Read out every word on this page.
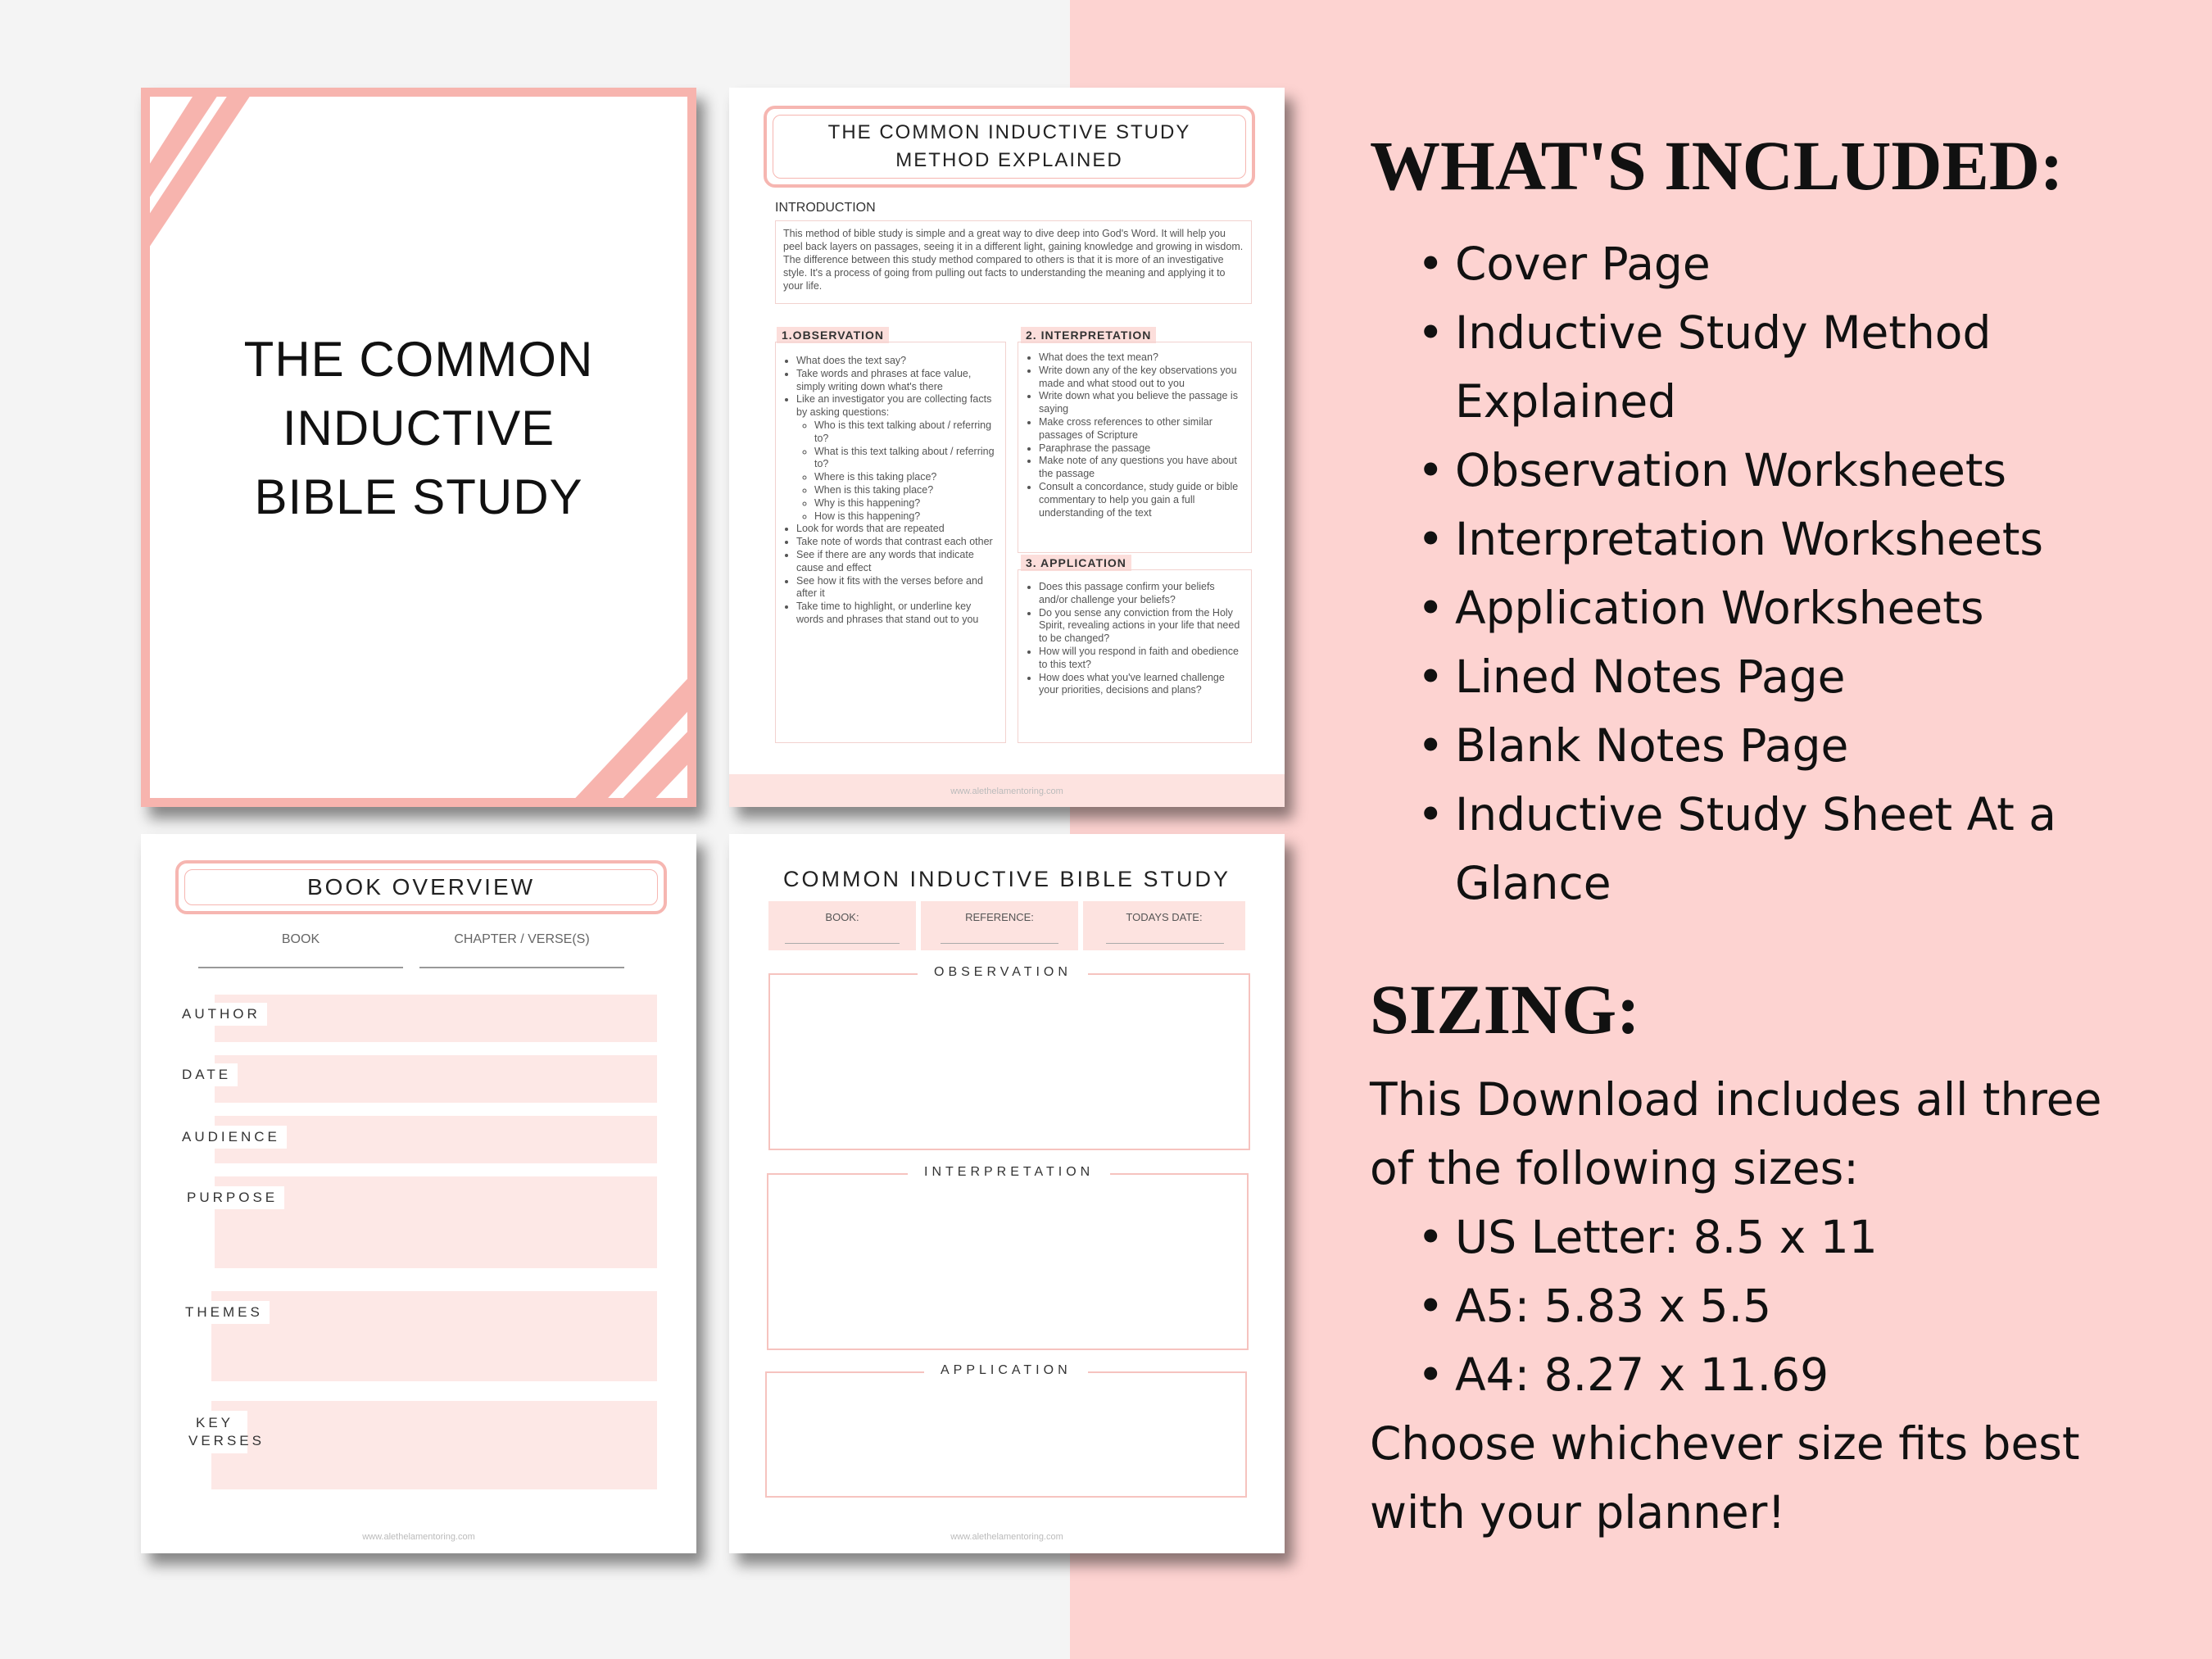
THE COMMON
INDUCTIVE
BIBLE STUDY
THE COMMON INDUCTIVE STUDY
METHOD EXPLAINED
INTRODUCTION
This method of bible study is simple and a great way to dive deep into God's Word. It will help you peel back layers on passages, seeing it in a different light, gaining knowledge and growing in wisdom. The difference between this study method compared to others is that it is more of an investigative style. It's a process of going from pulling out facts to understanding the meaning and applying it to your life.
1.OBSERVATION
• What does the text say?
• Take words and phrases at face value, simply writing down what's there
• Like an investigator you are collecting facts by asking questions:
◦ Who is this text talking about / referring to?
◦ What is this text talking about / referring to?
◦ Where is this taking place?
◦ When is this taking place?
◦ Why is this happening?
◦ How is this happening?
• Look for words that are repeated
• Take note of words that contrast each other
• See if there are any words that indicate cause and effect
• See how it fits with the verses before and after it
• Take time to highlight, or underline key words and phrases that stand out to you
2. INTERPRETATION
• What does the text mean?
• Write down any of the key observations you made and what stood out to you
• Write down what you believe the passage is saying
• Make cross references to other similar passages of Scripture
• Paraphrase the passage
• Make note of any questions you have about the passage
• Consult a concordance, study guide or bible commentary to help you gain a full understanding of the text
3. APPLICATION
• Does this passage confirm your beliefs and/or challenge your beliefs?
• Do you sense any conviction from the Holy Spirit, revealing actions in your life that need to be changed?
• How will you respond in faith and obedience to this text?
• How does what you've learned challenge your priorities, decisions and plans?
www.alethelamentoring.com
BOOK OVERVIEW
BOOK	CHAPTER / VERSE(S)
AUTHOR
DATE
AUDIENCE
PURPOSE
THEMES
KEY VERSES
www.alethelamentoring.com
COMMON INDUCTIVE BIBLE STUDY
BOOK:	REFERENCE:	TODAYS DATE:
OBSERVATION
INTERPRETATION
APPLICATION
www.alethelamentoring.com
WHAT'S INCLUDED:
• Cover Page
• Inductive Study Method Explained
• Observation Worksheets
• Interpretation Worksheets
• Application Worksheets
• Lined Notes Page
• Blank Notes Page
• Inductive Study Sheet At a Glance
SIZING:
This Download includes all three
of the following sizes:
• US Letter: 8.5 x 11
• A5: 5.83 x 5.5
• A4: 8.27 x 11.69
Choose whichever size fits best
with your planner!
